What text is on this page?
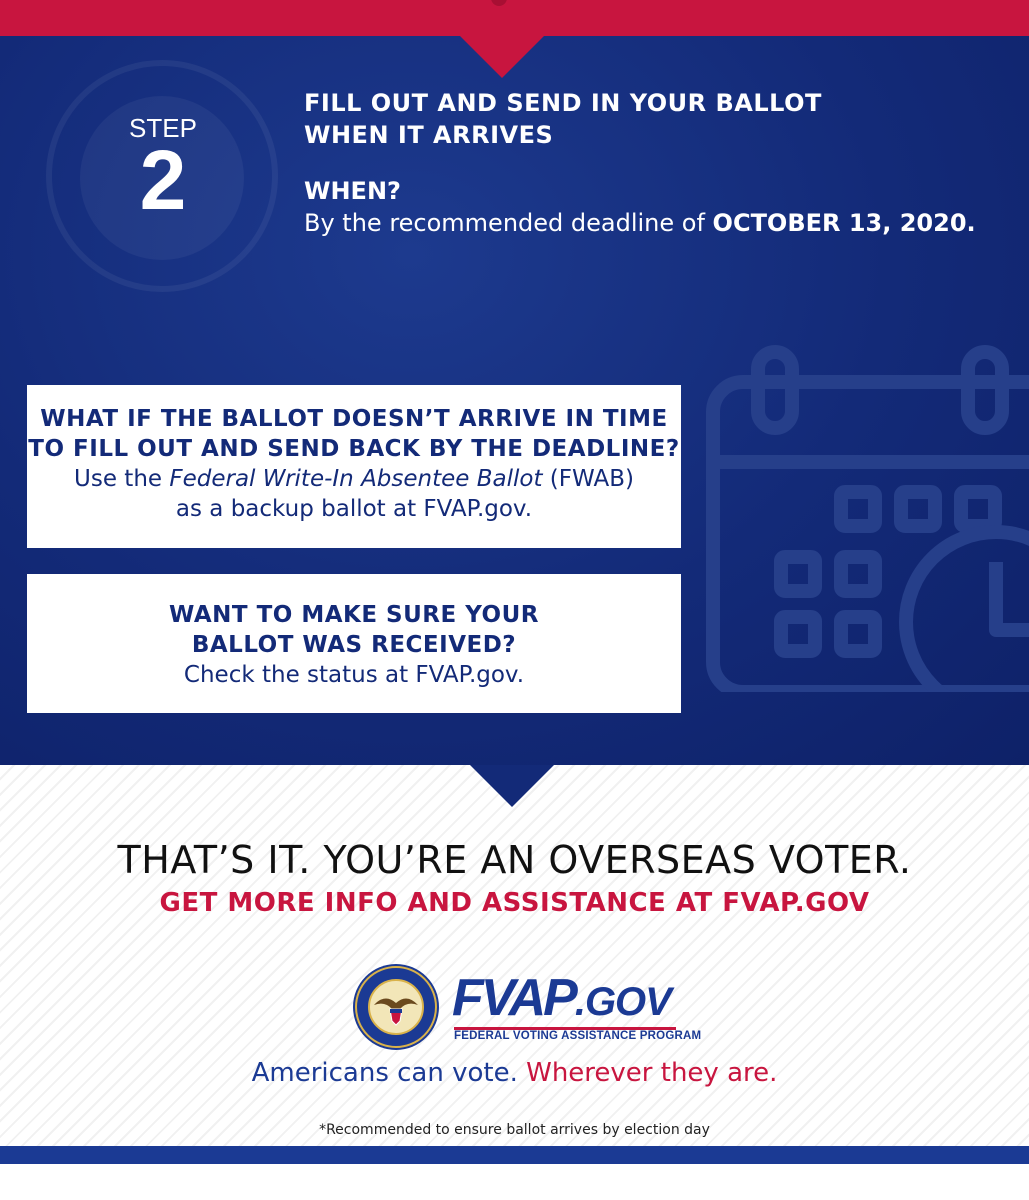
STEP
2
FILL OUT AND SEND IN YOUR BALLOT
WHEN IT ARRIVES
WHEN?
By the recommended deadline of OCTOBER 13, 2020.
WHAT IF THE BALLOT DOESN’T ARRIVE IN TIME
TO FILL OUT AND SEND BACK BY THE DEADLINE?
Use the Federal Write-In Absentee Ballot (FWAB)
as a backup ballot at FVAP.gov.
WANT TO MAKE SURE YOUR
BALLOT WAS RECEIVED?
Check the status at FVAP.gov.
THAT’S IT. YOU’RE AN OVERSEAS VOTER.
GET MORE INFO AND ASSISTANCE AT FVAP.GOV
FVAP.GOV
FEDERAL VOTING ASSISTANCE PROGRAM
Americans can vote. Wherever they are.
*Recommended to ensure ballot arrives by election day
